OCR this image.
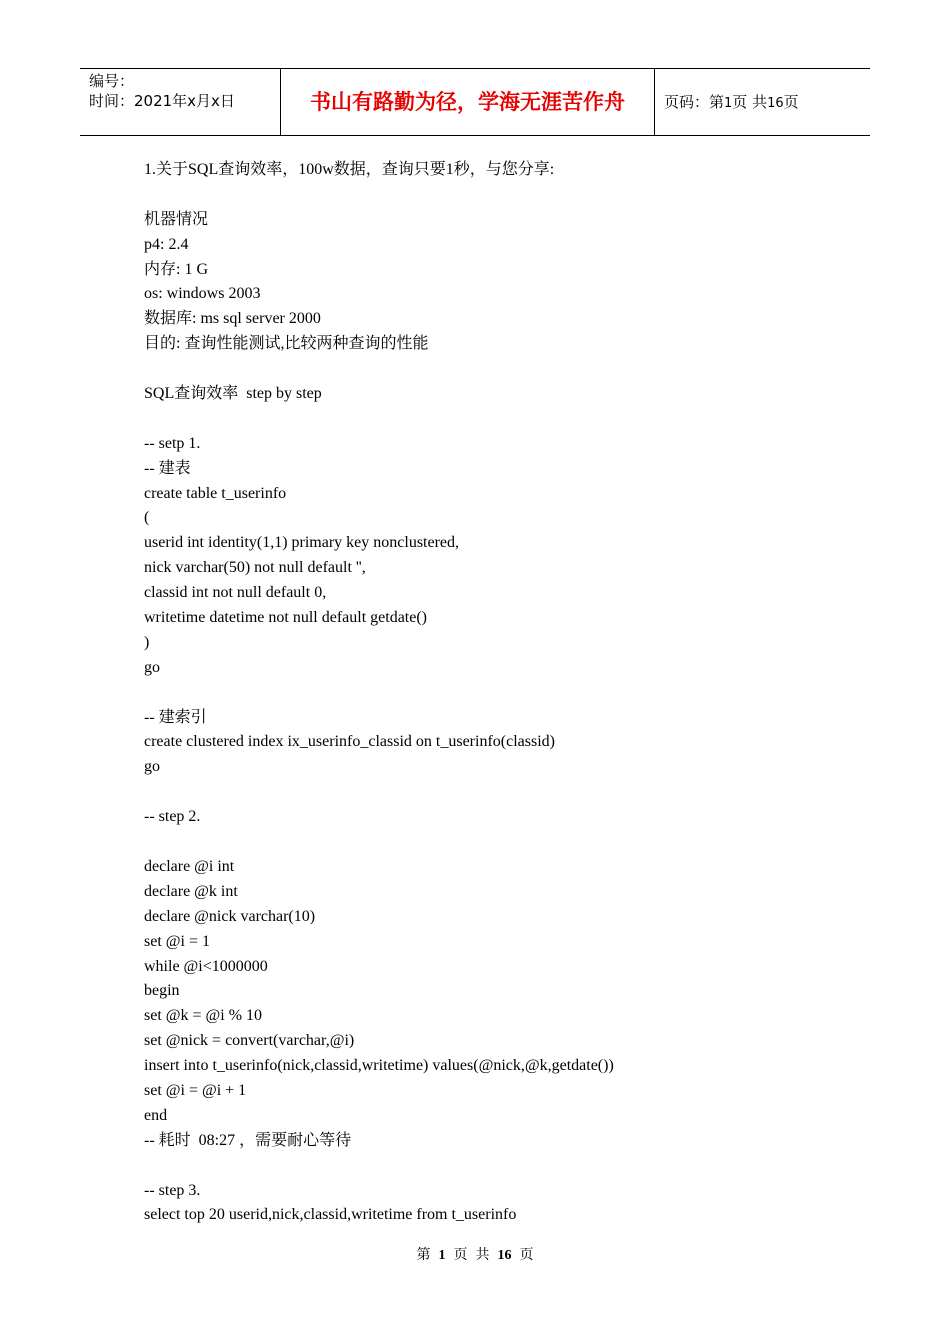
编号：
时间：2021年x月x日	书山有路勤为径，学海无涯苦作舟	页码：第1页 共16页
1.关于SQL查询效率，100w数据，查询只要1秒，与您分享:
机器情况
p4: 2.4
内存: 1 G
os: windows 2003
数据库: ms sql server 2000
目的: 查询性能测试,比较两种查询的性能
SQL查询效率  step by step
-- setp 1.
-- 建表
create table t_userinfo
(
userid int identity(1,1) primary key nonclustered,
nick varchar(50) not null default '',
classid int not null default 0,
writetime datetime not null default getdate()
)
go
-- 建索引
create clustered index ix_userinfo_classid on t_userinfo(classid)
go
-- step 2.
declare @i int
declare @k int
declare @nick varchar(10)
set @i = 1
while @i<1000000
begin
set @k = @i % 10
set @nick = convert(varchar,@i)
insert into t_userinfo(nick,classid,writetime) values(@nick,@k,getdate())
set @i = @i + 1
end
-- 耗时  08:27 ，需要耐心等待
-- step 3.
select top 20 userid,nick,classid,writetime from t_userinfo
第 1 页 共 16 页
